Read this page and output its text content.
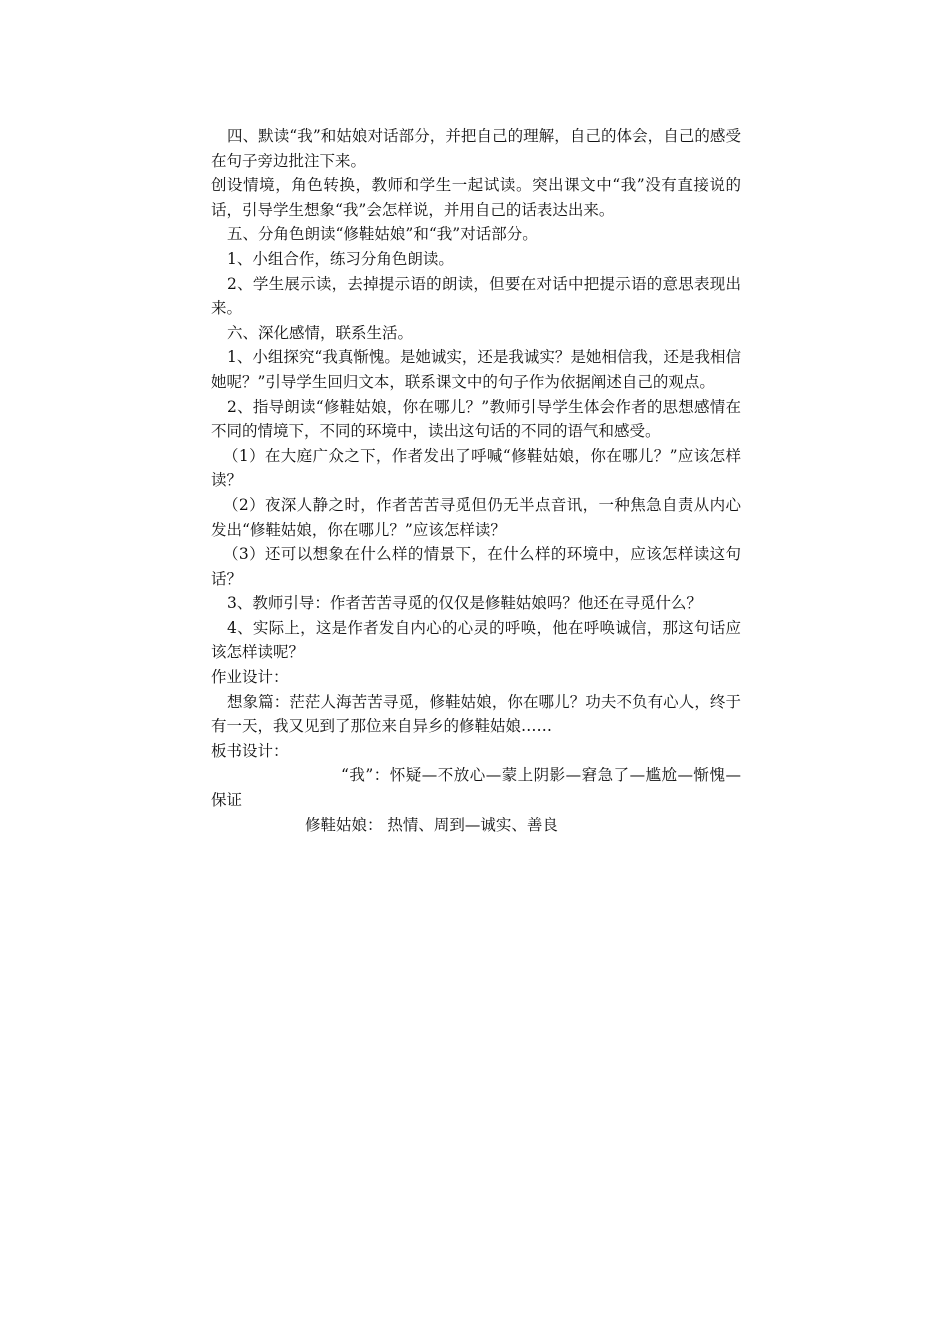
四、默读“我”和姑娘对话部分，并把自己的理解，自己的体会，自己的感受在句子旁边批注下来。

创设情境，角色转换，教师和学生一起试读。突出课文中“我”没有直接说的话，引导学生想象“我”会怎样说，并用自己的话表达出来。

五、分角色朗读“修鞋姑娘”和“我”对话部分。

1、小组合作，练习分角色朗读。

2、学生展示读，去掉提示语的朗读，但要在对话中把提示语的意思表现出来。

六、深化感情，联系生活。

1、小组探究“我真惭愧。是她诚实，还是我诚实？是她相信我，还是我相信她呢？”引导学生回归文本，联系课文中的句子作为依据阐述自己的观点。

2、指导朗读“修鞋姑娘，你在哪儿？”教师引导学生体会作者的思想感情在不同的情境下，不同的环境中，读出这句话的不同的语气和感受。

（1）在大庭广众之下，作者发出了呼喊“修鞋姑娘，你在哪儿？”应该怎样读？

（2）夜深人静之时，作者苦苦寻觅但仍无半点音讯，一种焦急自责从内心发出“修鞋姑娘，你在哪儿？”应该怎样读？

（3）还可以想象在什么样的情景下，在什么样的环境中，应该怎样读这句话？

3、教师引导：作者苦苦寻觅的仅仅是修鞋姑娘吗？他还在寻觅什么？

4、实际上，这是作者发自内心的心灵的呼唤，他在呼唤诚信，那这句话应该怎样读呢？

作业设计：

想象篇：茫茫人海苦苦寻觅，修鞋姑娘，你在哪儿？功夫不负有心人，终于有一天，我又见到了那位来自异乡的修鞋姑娘……

板书设计：

“我”：怀疑—不放心—蒙上阴影—窘急了—尴尬—惭愧—保证

修鞋姑娘： 热情、周到—诚实、善良
